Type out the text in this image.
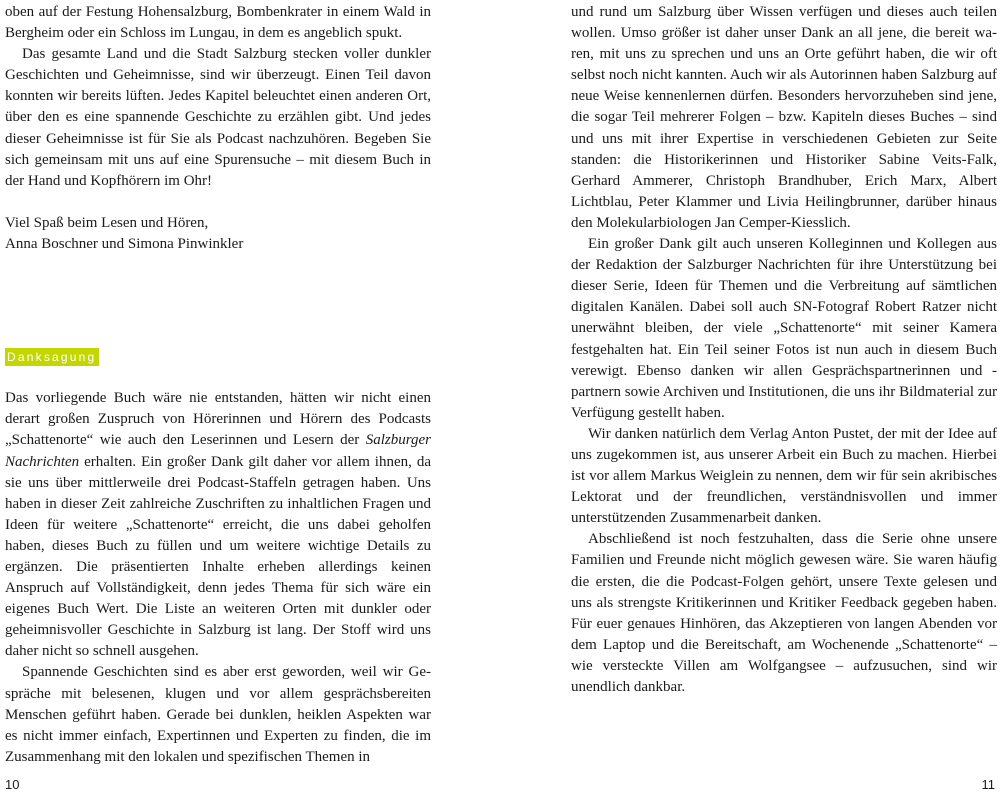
oben auf der Festung Hohensalzburg, Bombenkrater in einem Wald in Bergheim oder ein Schloss im Lungau, in dem es angeblich spukt.

Das gesamte Land und die Stadt Salzburg stecken voller dunkler Geschichten und Geheimnisse, sind wir überzeugt. Einen Teil davon konnten wir bereits lüften. Jedes Kapitel beleuchtet einen anderen Ort, über den es eine spannende Geschichte zu erzählen gibt. Und jedes dieser Geheimnisse ist für Sie als Podcast nachzuhören. Begeben Sie sich gemeinsam mit uns auf eine Spurensuche – mit diesem Buch in der Hand und Kopfhörern im Ohr!

Viel Spaß beim Lesen und Hören,

Anna Boschner und Simona Pinwinkler

Danksagung

Das vorliegende Buch wäre nie entstanden, hätten wir nicht einen derart großen Zuspruch von Hörerinnen und Hörern des Podcasts „Schattenorte“ wie auch den Leserinnen und Lesern der Salzburger Nachrichten erhalten. Ein großer Dank gilt daher vor allem ihnen, da sie uns über mittlerweile drei Podcast-Staffeln getragen haben. Uns haben in dieser Zeit zahlreiche Zuschriften zu inhaltlichen Fragen und Ideen für weitere „Schattenorte“ erreicht, die uns dabei geholfen haben, dieses Buch zu füllen und um weitere wichtige Details zu ergänzen. Die präsentierten Inhalte erheben allerdings keinen Anspruch auf Vollständigkeit, denn jedes Thema für sich wäre ein eigenes Buch Wert. Die Liste an weiteren Orten mit dunkler oder geheimnisvoller Geschichte in Salzburg ist lang. Der Stoff wird uns daher nicht so schnell ausgehen.

Spannende Geschichten sind es aber erst geworden, weil wir Gespräche mit belesenen, klugen und vor allem gesprächsbereiten Menschen geführt haben. Gerade bei dunklen, heiklen Aspekten war es nicht immer einfach, Expertinnen und Experten zu finden, die im Zusammenhang mit den lokalen und spezifischen Themen in

und rund um Salzburg über Wissen verfügen und dieses auch teilen wollen. Umso größer ist daher unser Dank an all jene, die bereit waren, mit uns zu sprechen und uns an Orte geführt haben, die wir oft selbst noch nicht kannten. Auch wir als Autorinnen haben Salzburg auf neue Weise kennenlernen dürfen. Besonders hervorzuheben sind jene, die sogar Teil mehrerer Folgen – bzw. Kapiteln dieses Buches – sind und uns mit ihrer Expertise in verschiedenen Gebieten zur Seite standen: die Historikerinnen und Historiker Sabine Veits-Falk, Gerhard Ammerer, Christoph Brandhuber, Erich Marx, Albert Lichtblau, Peter Klammer und Livia Heilingbrunner, darüber hinaus den Molekularbiologen Jan Cemper-Kiesslich.

Ein großer Dank gilt auch unseren Kolleginnen und Kollegen aus der Redaktion der Salzburger Nachrichten für ihre Unterstützung bei dieser Serie, Ideen für Themen und die Verbreitung auf sämtlichen digitalen Kanälen. Dabei soll auch SN-Fotograf Robert Ratzer nicht unerwähnt bleiben, der viele „Schattenorte“ mit seiner Kamera festgehalten hat. Ein Teil seiner Fotos ist nun auch in diesem Buch verewigt. Ebenso danken wir allen Gesprächspartnerinnen und -partnern sowie Archiven und Institutionen, die uns ihr Bildmaterial zur Verfügung gestellt haben.

Wir danken natürlich dem Verlag Anton Pustet, der mit der Idee auf uns zugekommen ist, aus unserer Arbeit ein Buch zu machen. Hierbei ist vor allem Markus Weiglein zu nennen, dem wir für sein akribisches Lektorat und der freundlichen, verständnisvollen und immer unterstützenden Zusammenarbeit danken.

Abschließend ist noch festzuhalten, dass die Serie ohne unsere Familien und Freunde nicht möglich gewesen wäre. Sie waren häufig die ersten, die die Podcast-Folgen gehört, unsere Texte gelesen und uns als strengste Kritikerinnen und Kritiker Feedback gegeben haben. Für euer genaues Hinhören, das Akzeptieren von langen Abenden vor dem Laptop und die Bereitschaft, am Wochenende „Schattenorte“ – wie versteckte Villen am Wolfgangsee – aufzusuchen, sind wir unendlich dankbar.

10	11
